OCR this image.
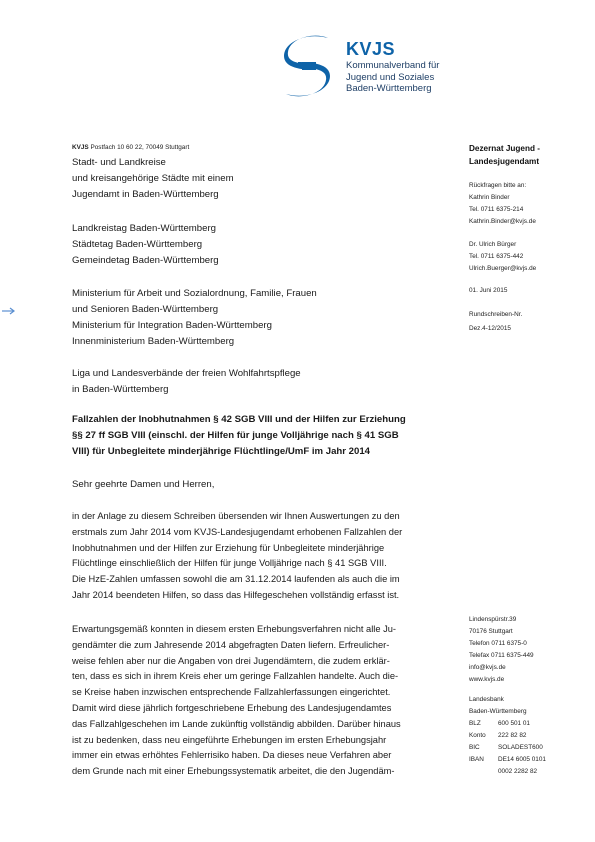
KVJS
Kommunalverband für
Jugend und Soziales
Baden-Württemberg
KVJS Postfach 10 60 22, 70049 Stuttgart
Stadt- und Landkreise
und kreisangehörige Städte mit einem
Jugendamt in Baden-Württemberg
Landkreistag Baden-Württemberg
Städtetag Baden-Württemberg
Gemeindetag Baden-Württemberg
Ministerium für Arbeit und Sozialordnung, Familie, Frauen
und Senioren Baden-Württemberg
Ministerium für Integration Baden-Württemberg
Innenministerium Baden-Württemberg
Liga und Landesverbände der freien Wohlfahrtspflege
in Baden-Württemberg
Fallzahlen der Inobhutnahmen § 42 SGB VIII und der Hilfen zur Erziehung
§§ 27 ff SGB VIII (einschl. der Hilfen für junge Volljährige nach § 41 SGB
VIII) für Unbegleitete minderjährige Flüchtlinge/UmF im Jahr 2014
Sehr geehrte Damen und Herren,
in der Anlage zu diesem Schreiben übersenden wir Ihnen Auswertungen zu den
erstmals zum Jahr 2014 vom KVJS-Landesjugendamt erhobenen Fallzahlen der
Inobhutnahmen und der Hilfen zur Erziehung für Unbegleitete minderjährige
Flüchtlinge einschließlich der Hilfen für junge Volljährige nach § 41 SGB VIII.
Die HzE-Zahlen umfassen sowohl die am 31.12.2014 laufenden als auch die im
Jahr 2014 beendeten Hilfen, so dass das Hilfegeschehen vollständig erfasst ist.
Erwartungsgemäß konnten in diesem ersten Erhebungsverfahren nicht alle Ju-
gendämter die zum Jahresende 2014 abgefragten Daten liefern. Erfreulicher-
weise fehlen aber nur die Angaben von drei Jugendämtern, die zudem erklär-
ten, dass es sich in ihrem Kreis eher um geringe Fallzahlen handelte. Auch die-
se Kreise haben inzwischen entsprechende Fallzahlerfassungen eingerichtet.
Damit wird diese jährlich fortgeschriebene Erhebung des Landesjugendamtes
das Fallzahlgeschehen im Lande zukünftig vollständig abbilden. Darüber hinaus
ist zu bedenken, dass neu eingeführte Erhebungen im ersten Erhebungsjahr
immer ein etwas erhöhtes Fehlerrisiko haben. Da dieses neue Verfahren aber
dem Grunde nach mit einer Erhebungssystematik arbeitet, die den Jugendäm-
Dezernat Jugend -
Landesjugendamt
Rückfragen bitte an:
Kathrin Binder
Tel. 0711 6375-214
Kathrin.Binder@kvjs.de
Dr. Ulrich Bürger
Tel. 0711 6375-442
Ulrich.Buerger@kvjs.de
01. Juni 2015
Rundschreiben-Nr.
Dez.4-12/2015
Lindenspürstr.39
70176 Stuttgart
Telefon 0711 6375-0
Telefax 0711 6375-449
info@kvjs.de
www.kvjs.de
Landesbank
Baden-Württemberg
BLZ	600 501 01
Konto	222 82 82
BIC	SOLADEST600
IBAN	DE14 6005 0101
0002 2282 82
